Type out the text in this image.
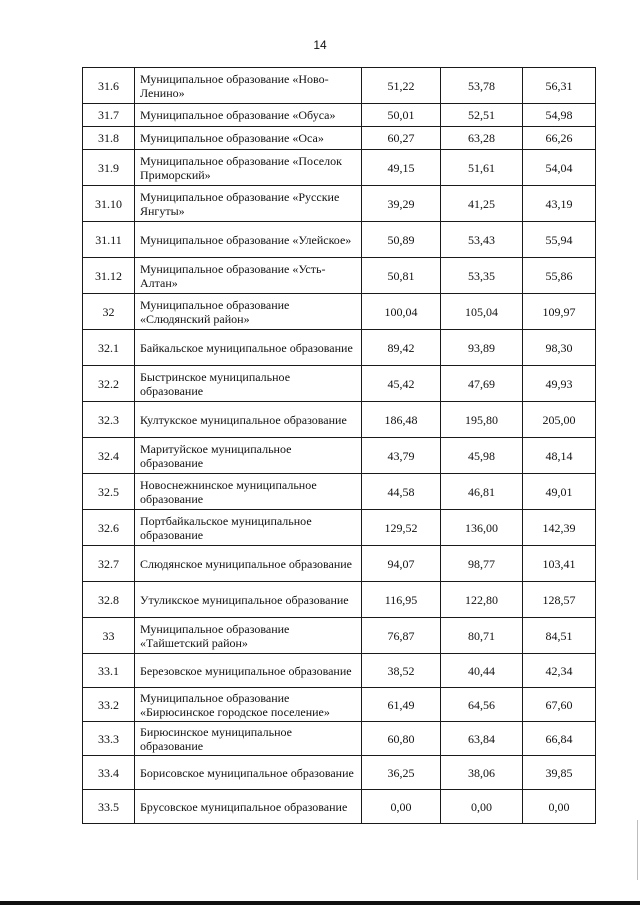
14
31.6	Муниципальное образование «Ново-Ленино»	51,22	53,78	56,31
31.7	Муниципальное образование «Обуса»	50,01	52,51	54,98
31.8	Муниципальное образование «Оса»	60,27	63,28	66,26
31.9	Муниципальное образование «Поселок Приморский»	49,15	51,61	54,04
31.10	Муниципальное образование «Русские Янгуты»	39,29	41,25	43,19
31.11	Муниципальное образование «Улейское»	50,89	53,43	55,94
31.12	Муниципальное образование «Усть-Алтан»	50,81	53,35	55,86
32	Муниципальное образование «Слюдянский район»	100,04	105,04	109,97
32.1	Байкальское муниципальное образование	89,42	93,89	98,30
32.2	Быстринское муниципальное образование	45,42	47,69	49,93
32.3	Култукское муниципальное образование	186,48	195,80	205,00
32.4	Маритуйское муниципальное образование	43,79	45,98	48,14
32.5	Новоснежнинское муниципальное образование	44,58	46,81	49,01
32.6	Портбайкальское муниципальное образование	129,52	136,00	142,39
32.7	Слюдянское муниципальное образование	94,07	98,77	103,41
32.8	Утуликское муниципальное образование	116,95	122,80	128,57
33	Муниципальное образование «Тайшетский район»	76,87	80,71	84,51
33.1	Березовское муниципальное образование	38,52	40,44	42,34
33.2	Муниципальное образование «Бирюсинское городское поселение»	61,49	64,56	67,60
33.3	Бирюсинское муниципальное образование	60,80	63,84	66,84
33.4	Борисовское муниципальное образование	36,25	38,06	39,85
33.5	Брусовское муниципальное образование	0,00	0,00	0,00
